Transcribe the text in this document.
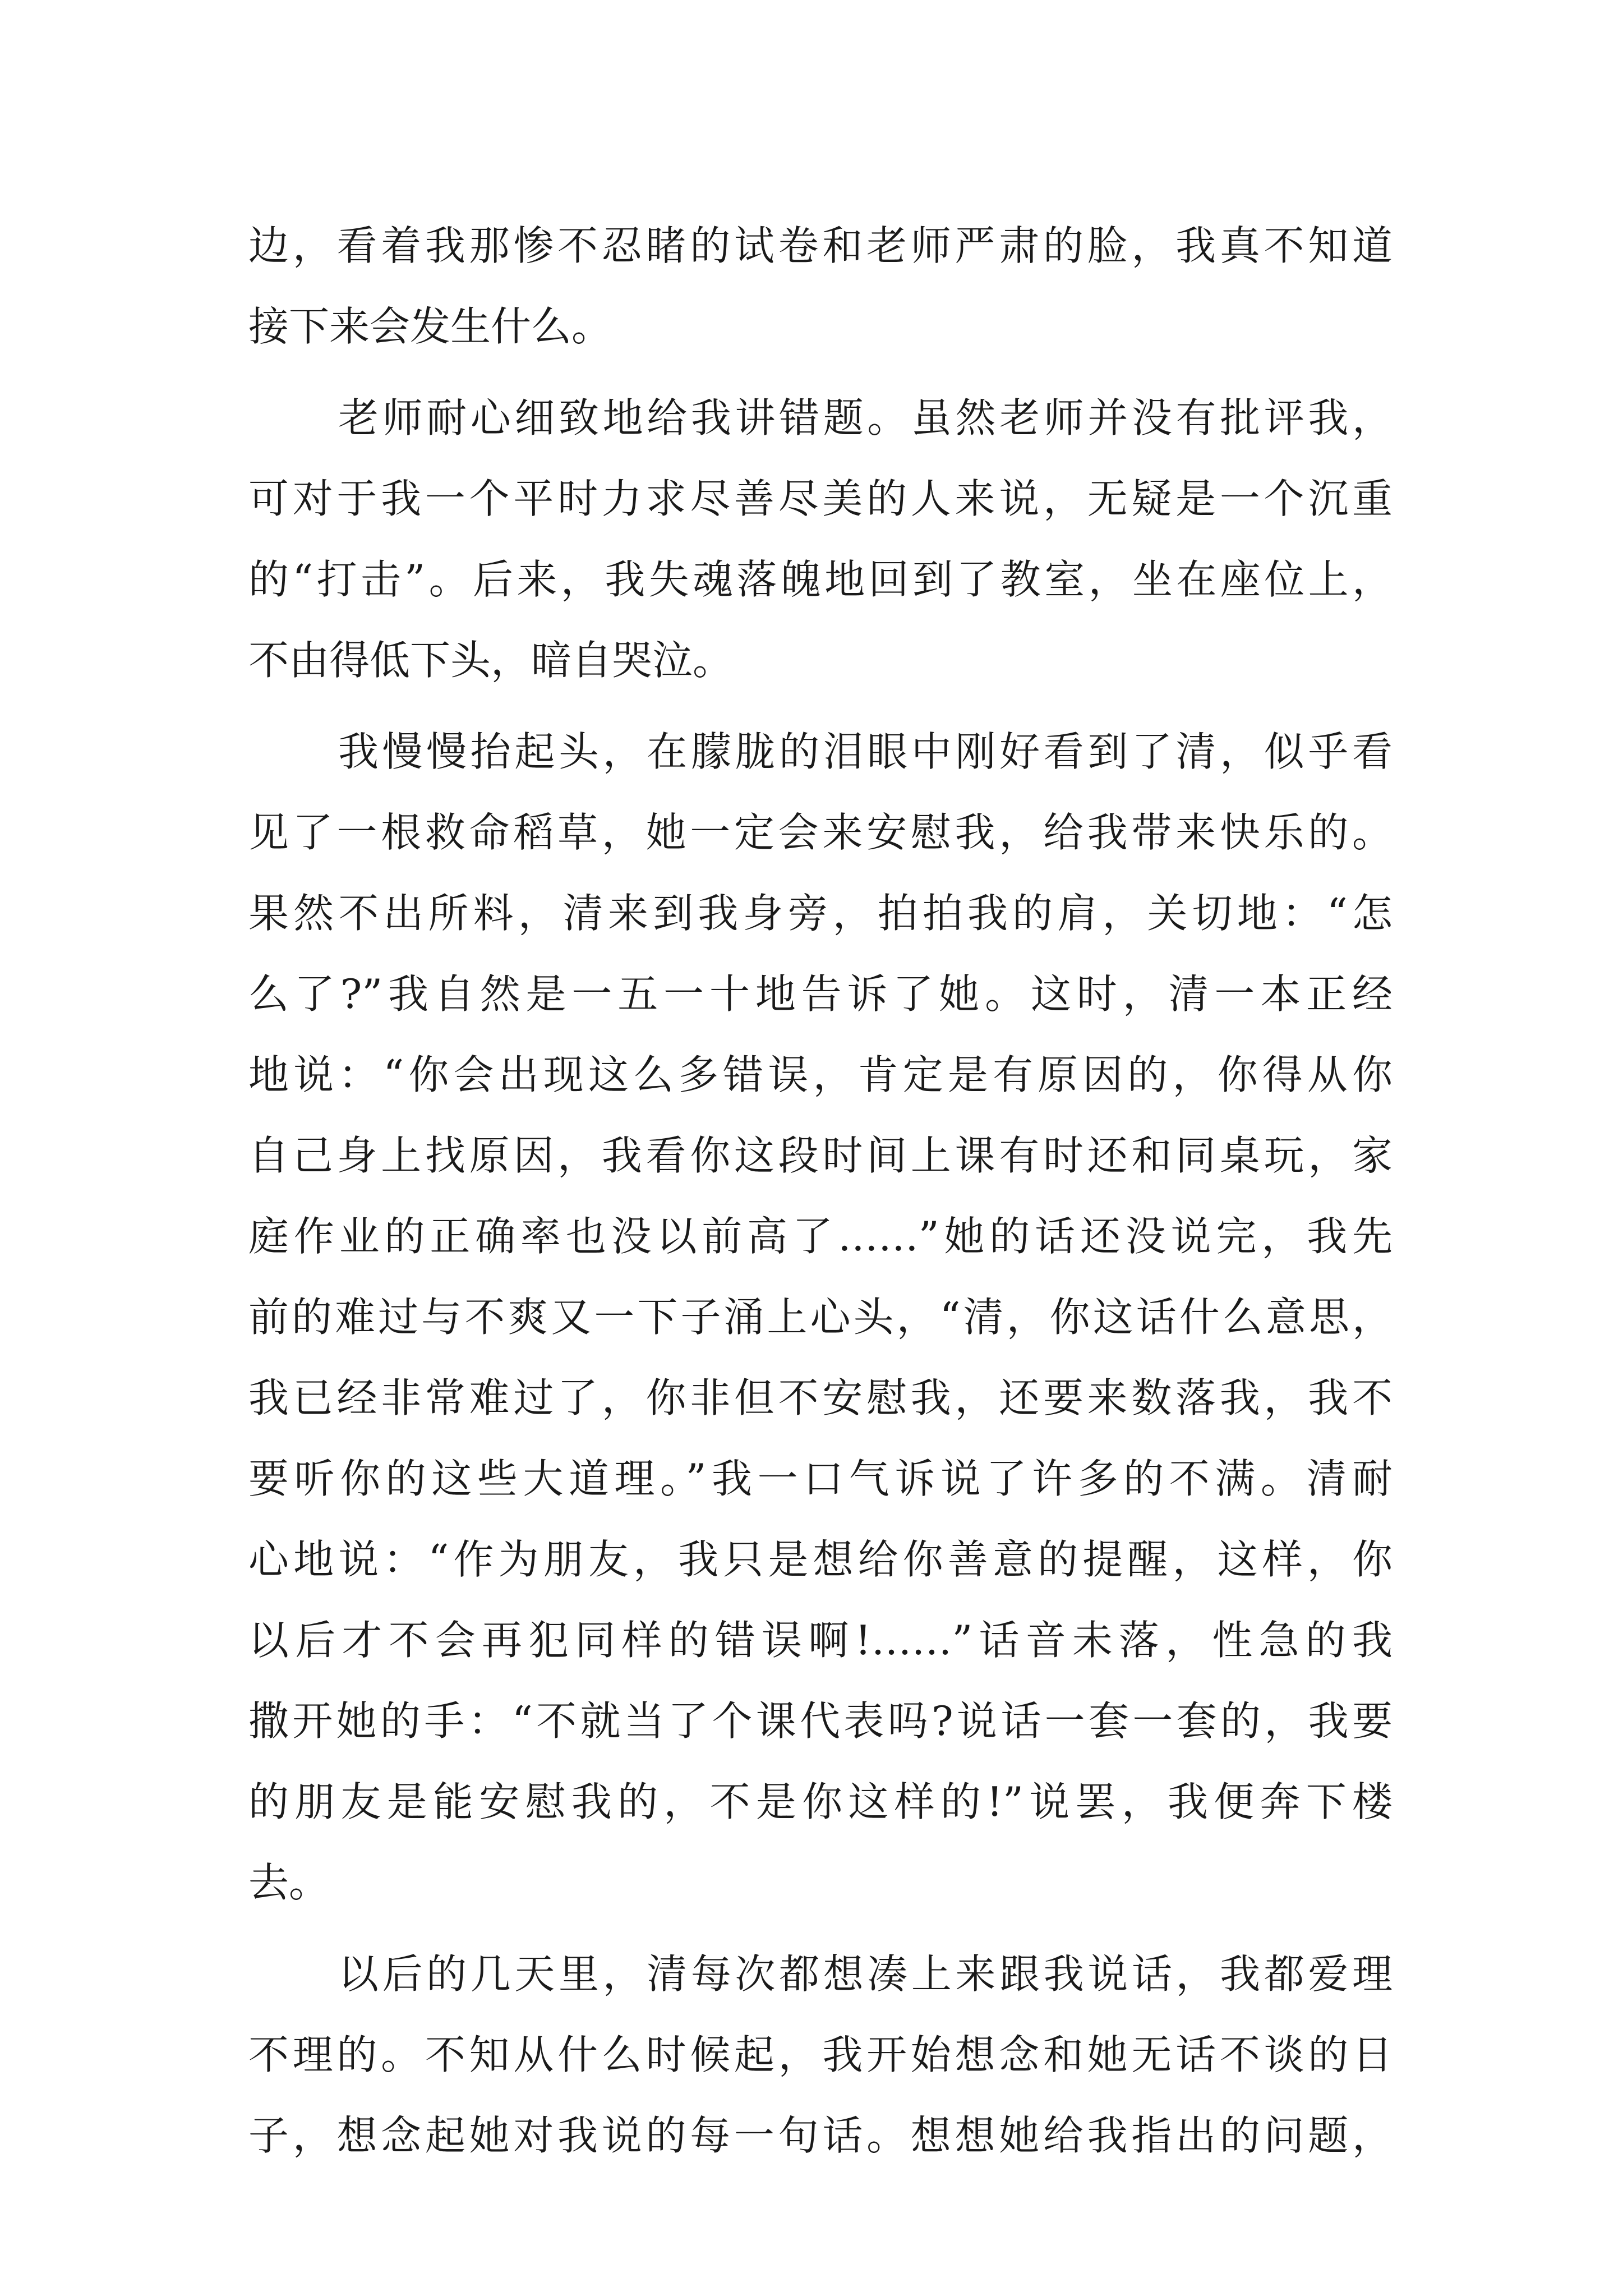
边，看着我那惨不忍睹的试卷和老师严肃的脸，我真不知道
接下来会发生什么。
老师耐心细致地给我讲错题。虽然老师并没有批评我，
可对于我一个平时力求尽善尽美的人来说，无疑是一个沉重
的“打击”。后来，我失魂落魄地回到了教室，坐在座位上，
不由得低下头，暗自哭泣。
我慢慢抬起头，在朦胧的泪眼中刚好看到了清，似乎看
见了一根救命稻草，她一定会来安慰我，给我带来快乐的。
果然不出所料，清来到我身旁，拍拍我的肩，关切地：“怎
么了?”我自然是一五一十地告诉了她。这时，清一本正经
地说：“你会出现这么多错误，肯定是有原因的，你得从你
自己身上找原因，我看你这段时间上课有时还和同桌玩，家
庭作业的正确率也没以前高了……”她的话还没说完，我先
前的难过与不爽又一下子涌上心头，“清，你这话什么意思，
我已经非常难过了，你非但不安慰我，还要来数落我，我不
要听你的这些大道理。”我一口气诉说了许多的不满。清耐
心地说：“作为朋友，我只是想给你善意的提醒，这样，你
以后才不会再犯同样的错误啊!……”话音未落，性急的我
撒开她的手：“不就当了个课代表吗?说话一套一套的，我要
的朋友是能安慰我的，不是你这样的!”说罢，我便奔下楼
去。
以后的几天里，清每次都想凑上来跟我说话，我都爱理
不理的。不知从什么时候起，我开始想念和她无话不谈的日
子，想念起她对我说的每一句话。想想她给我指出的问题，
